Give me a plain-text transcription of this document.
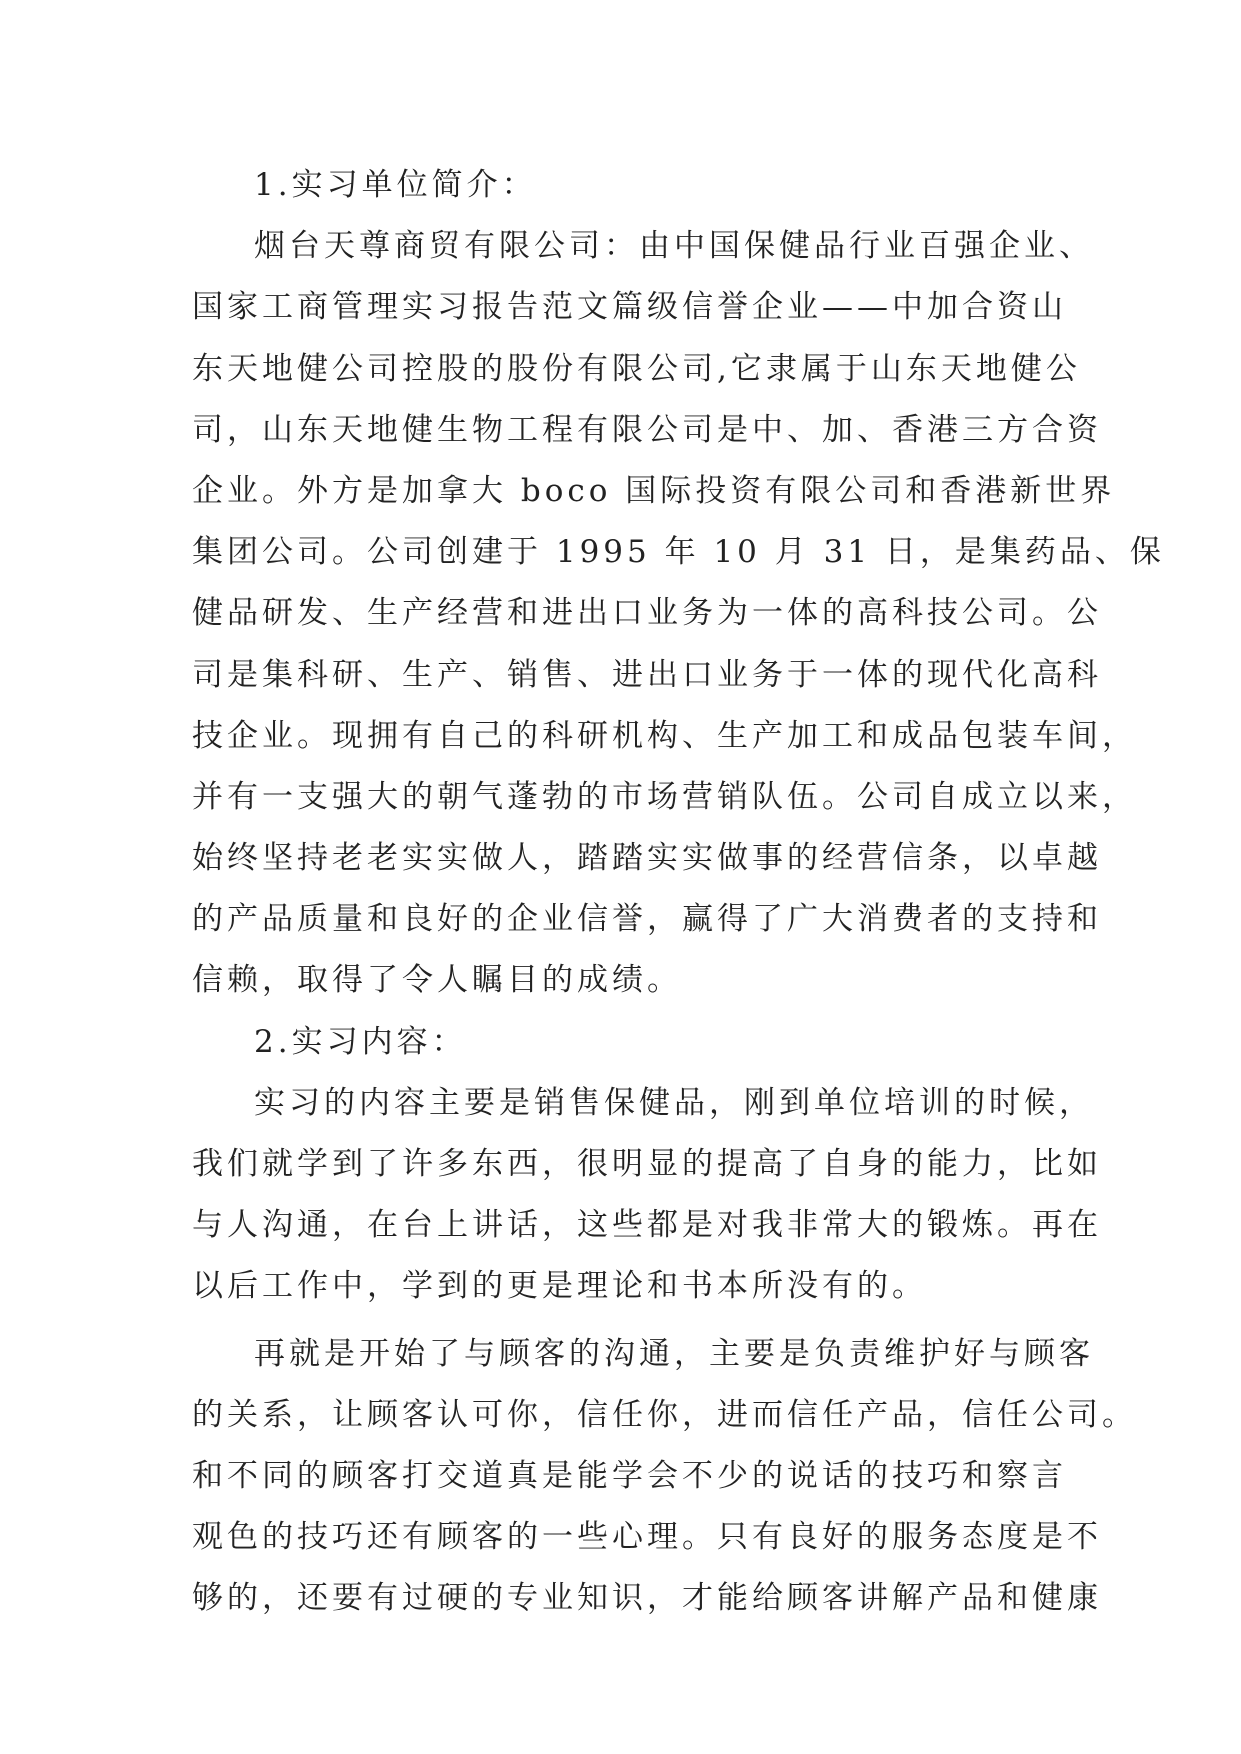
1.实习单位简介：
烟台天尊商贸有限公司：由中国保健品行业百强企业、
国家工商管理实习报告范文篇级信誉企业——中加合资山
东天地健公司控股的股份有限公司,它隶属于山东天地健公
司，山东天地健生物工程有限公司是中、加、香港三方合资
企业。外方是加拿大 boco 国际投资有限公司和香港新世界
集团公司。公司创建于 1995 年 10 月 31 日，是集药品、保
健品研发、生产经营和进出口业务为一体的高科技公司。公
司是集科研、生产、销售、进出口业务于一体的现代化高科
技企业。现拥有自己的科研机构、生产加工和成品包装车间，
并有一支强大的朝气蓬勃的市场营销队伍。公司自成立以来，
始终坚持老老实实做人，踏踏实实做事的经营信条，以卓越
的产品质量和良好的企业信誉，赢得了广大消费者的支持和
信赖，取得了令人瞩目的成绩。
2.实习内容：
实习的内容主要是销售保健品，刚到单位培训的时候，
我们就学到了许多东西，很明显的提高了自身的能力，比如
与人沟通，在台上讲话，这些都是对我非常大的锻炼。再在
以后工作中，学到的更是理论和书本所没有的。
再就是开始了与顾客的沟通，主要是负责维护好与顾客
的关系，让顾客认可你，信任你，进而信任产品，信任公司。
和不同的顾客打交道真是能学会不少的说话的技巧和察言
观色的技巧还有顾客的一些心理。只有良好的服务态度是不
够的，还要有过硬的专业知识，才能给顾客讲解产品和健康
